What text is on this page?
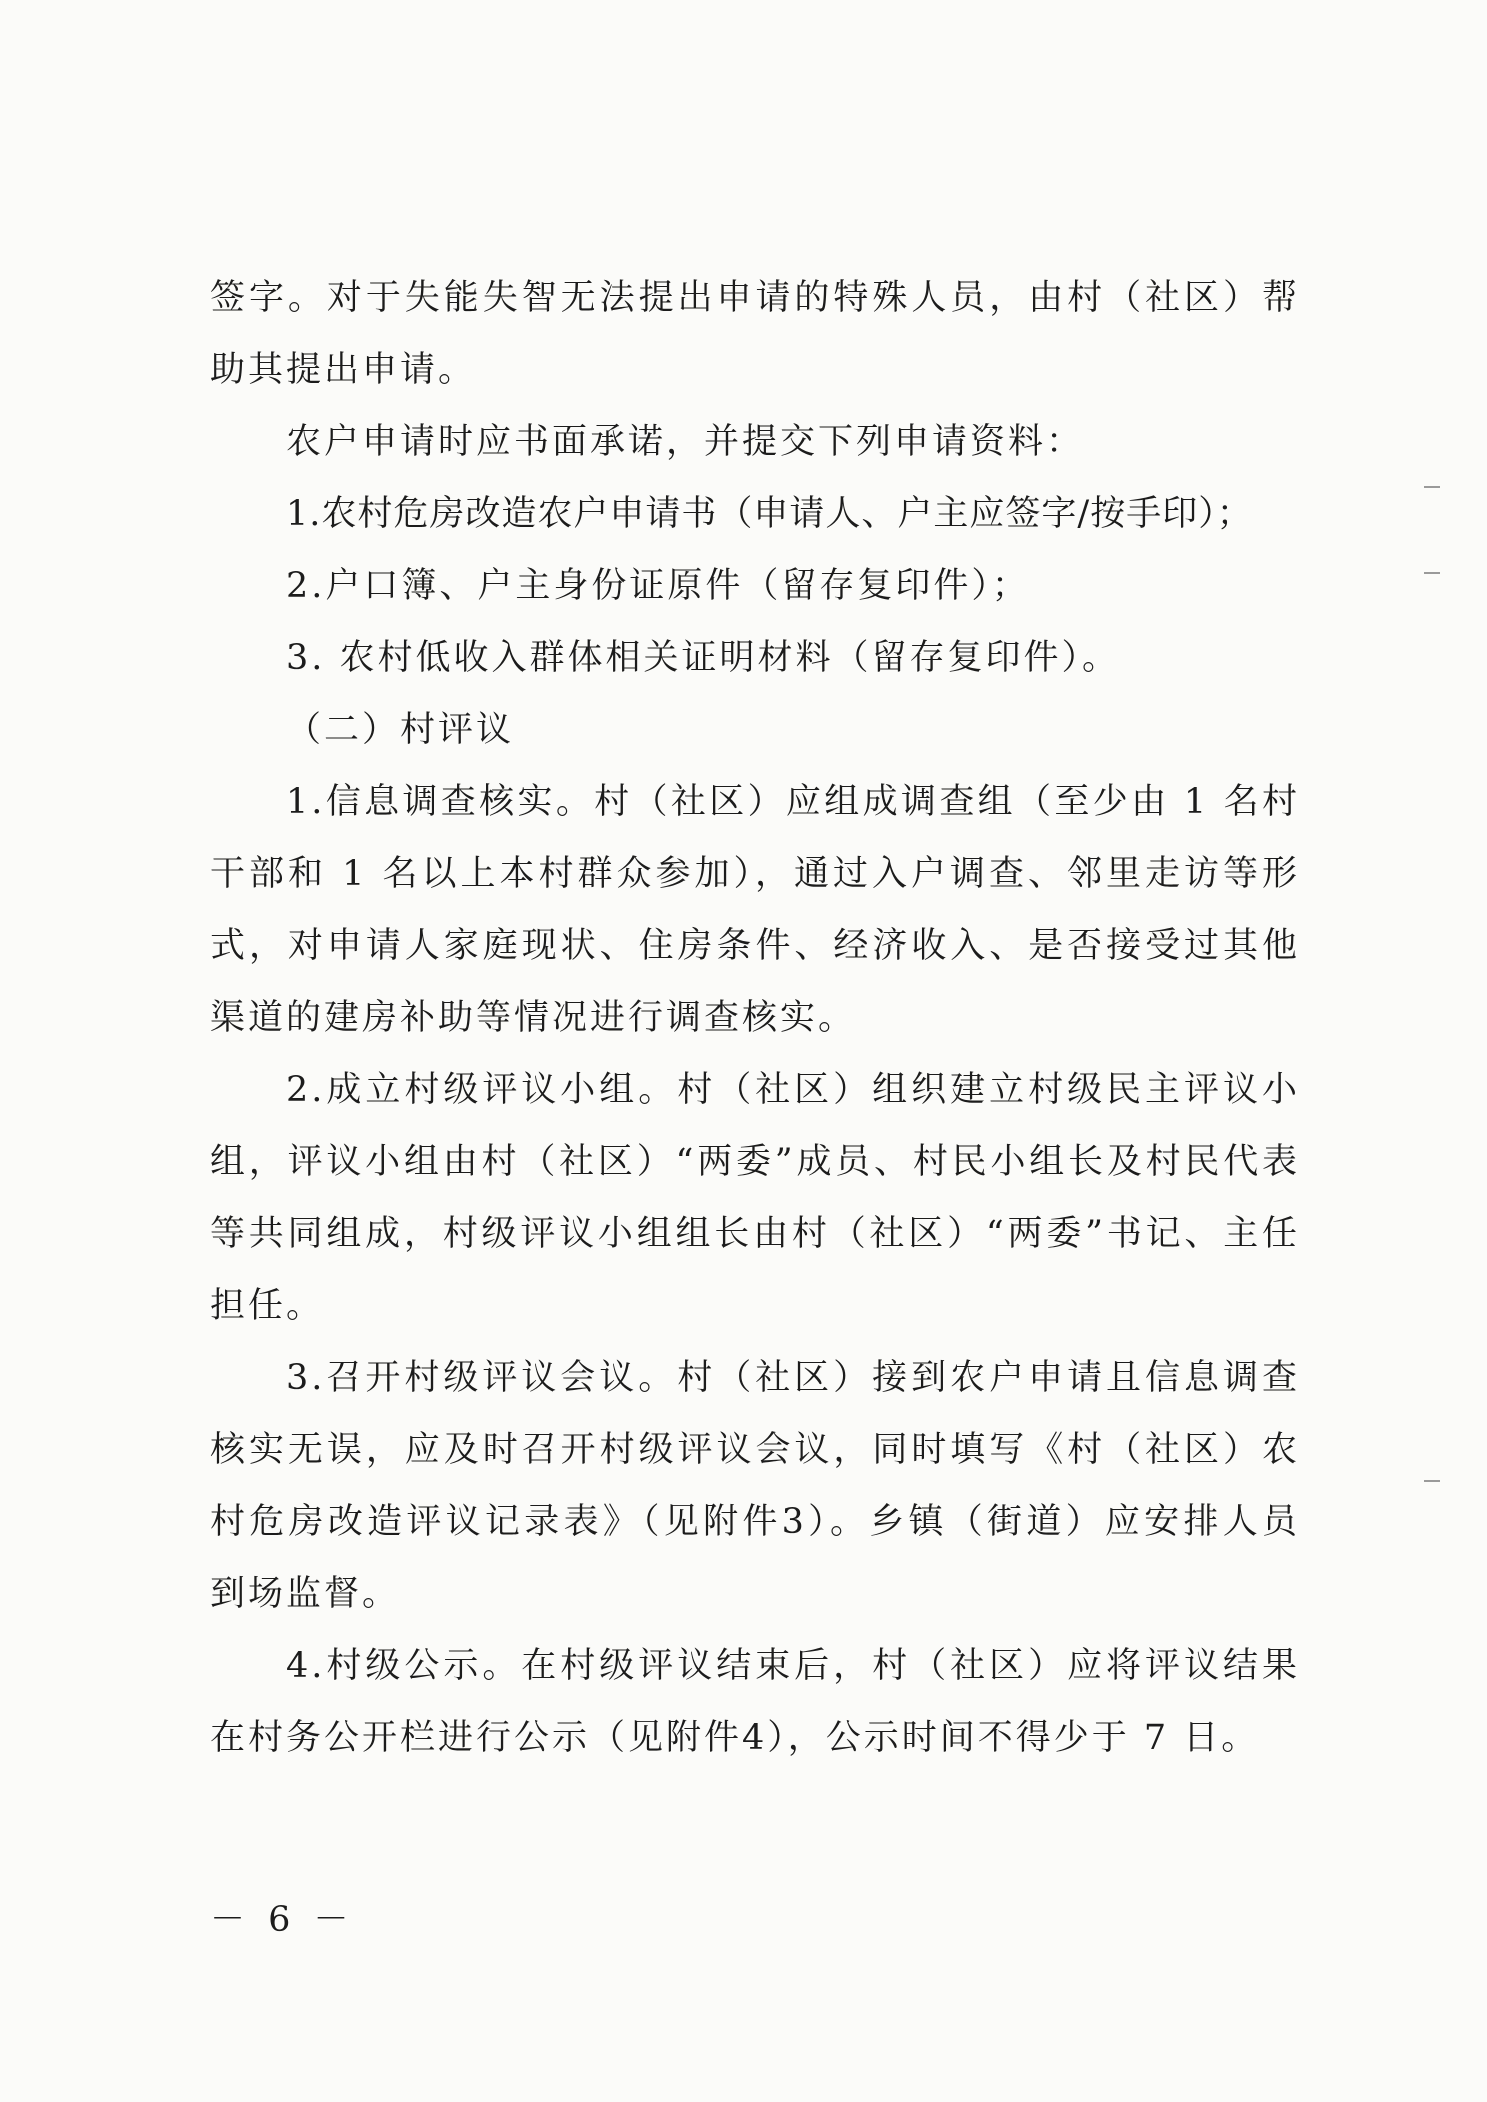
签字。对于失能失智无法提出申请的特殊人员，由村（社区）帮助其提出申请。

农户申请时应书面承诺，并提交下列申请资料：

1.农村危房改造农户申请书（申请人、户主应签字/按手印）；

2.户口簿、户主身份证原件（留存复印件）；

3. 农村低收入群体相关证明材料（留存复印件）。

（二）村评议

1.信息调查核实。村（社区）应组成调查组（至少由 1 名村干部和 1 名以上本村群众参加），通过入户调查、邻里走访等形式，对申请人家庭现状、住房条件、经济收入、是否接受过其他渠道的建房补助等情况进行调查核实。

2.成立村级评议小组。村（社区）组织建立村级民主评议小组，评议小组由村（社区）“两委”成员、村民小组长及村民代表等共同组成，村级评议小组组长由村（社区）“两委”书记、主任担任。

3.召开村级评议会议。村（社区）接到农户申请且信息调查核实无误，应及时召开村级评议会议，同时填写《村（社区）农村危房改造评议记录表》（见附件3）。乡镇（街道）应安排人员到场监督。

4.村级公示。在村级评议结束后，村（社区）应将评议结果在村务公开栏进行公示（见附件4），公示时间不得少于 7 日。

－ 6 －
